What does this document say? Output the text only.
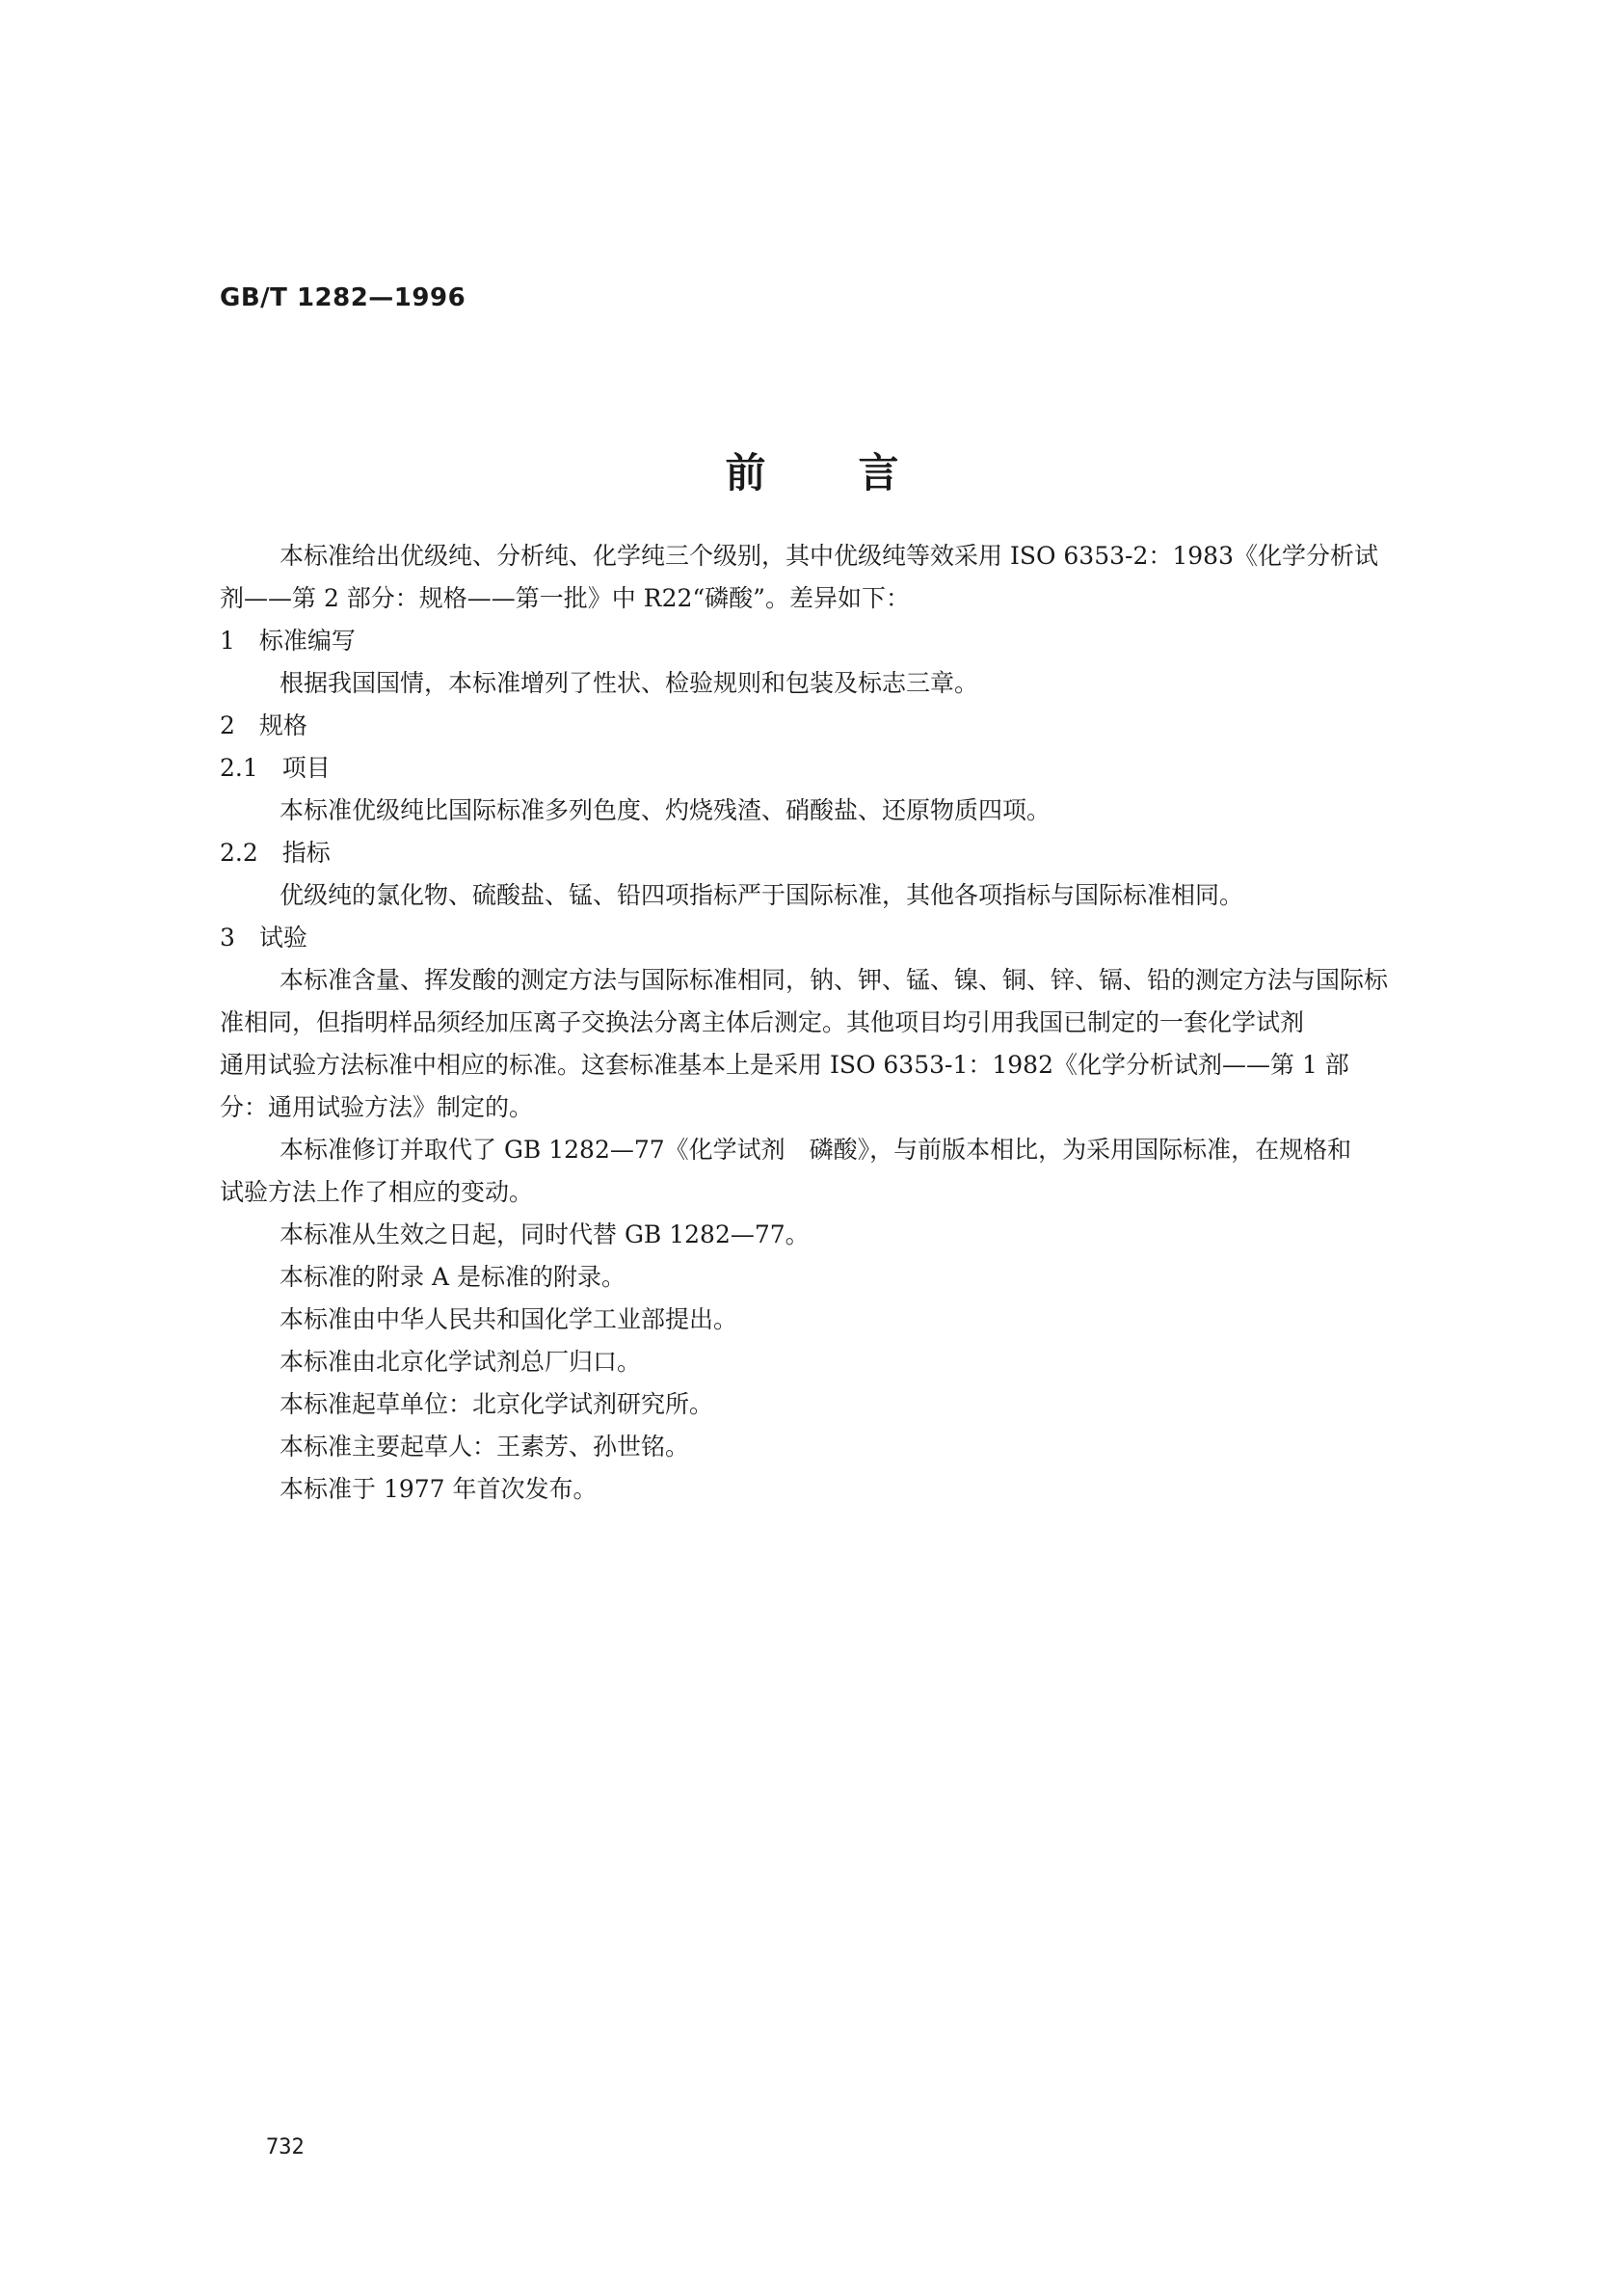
GB/T 1282—1996
前言
本标准给出优级纯、分析纯、化学纯三个级别，其中优级纯等效采用 ISO 6353-2：1983《化学分析试
剂——第 2 部分：规格——第一批》中 R22“磷酸”。差异如下：
1　标准编写
根据我国国情，本标准增列了性状、检验规则和包装及标志三章。
2　规格
2.1　项目
本标准优级纯比国际标准多列色度、灼烧残渣、硝酸盐、还原物质四项。
2.2　指标
优级纯的氯化物、硫酸盐、锰、铅四项指标严于国际标准，其他各项指标与国际标准相同。
3　试验
本标准含量、挥发酸的测定方法与国际标准相同，钠、钾、锰、镍、铜、锌、镉、铅的测定方法与国际标
准相同，但指明样品须经加压离子交换法分离主体后测定。其他项目均引用我国已制定的一套化学试剂
通用试验方法标准中相应的标准。这套标准基本上是采用 ISO 6353-1：1982《化学分析试剂——第 1 部
分：通用试验方法》制定的。
本标准修订并取代了 GB 1282—77《化学试剂　磷酸》，与前版本相比，为采用国际标准，在规格和
试验方法上作了相应的变动。
本标准从生效之日起，同时代替 GB 1282—77。
本标准的附录 A 是标准的附录。
本标准由中华人民共和国化学工业部提出。
本标准由北京化学试剂总厂归口。
本标准起草单位：北京化学试剂研究所。
本标准主要起草人：王素芳、孙世铭。
本标准于 1977 年首次发布。
732
